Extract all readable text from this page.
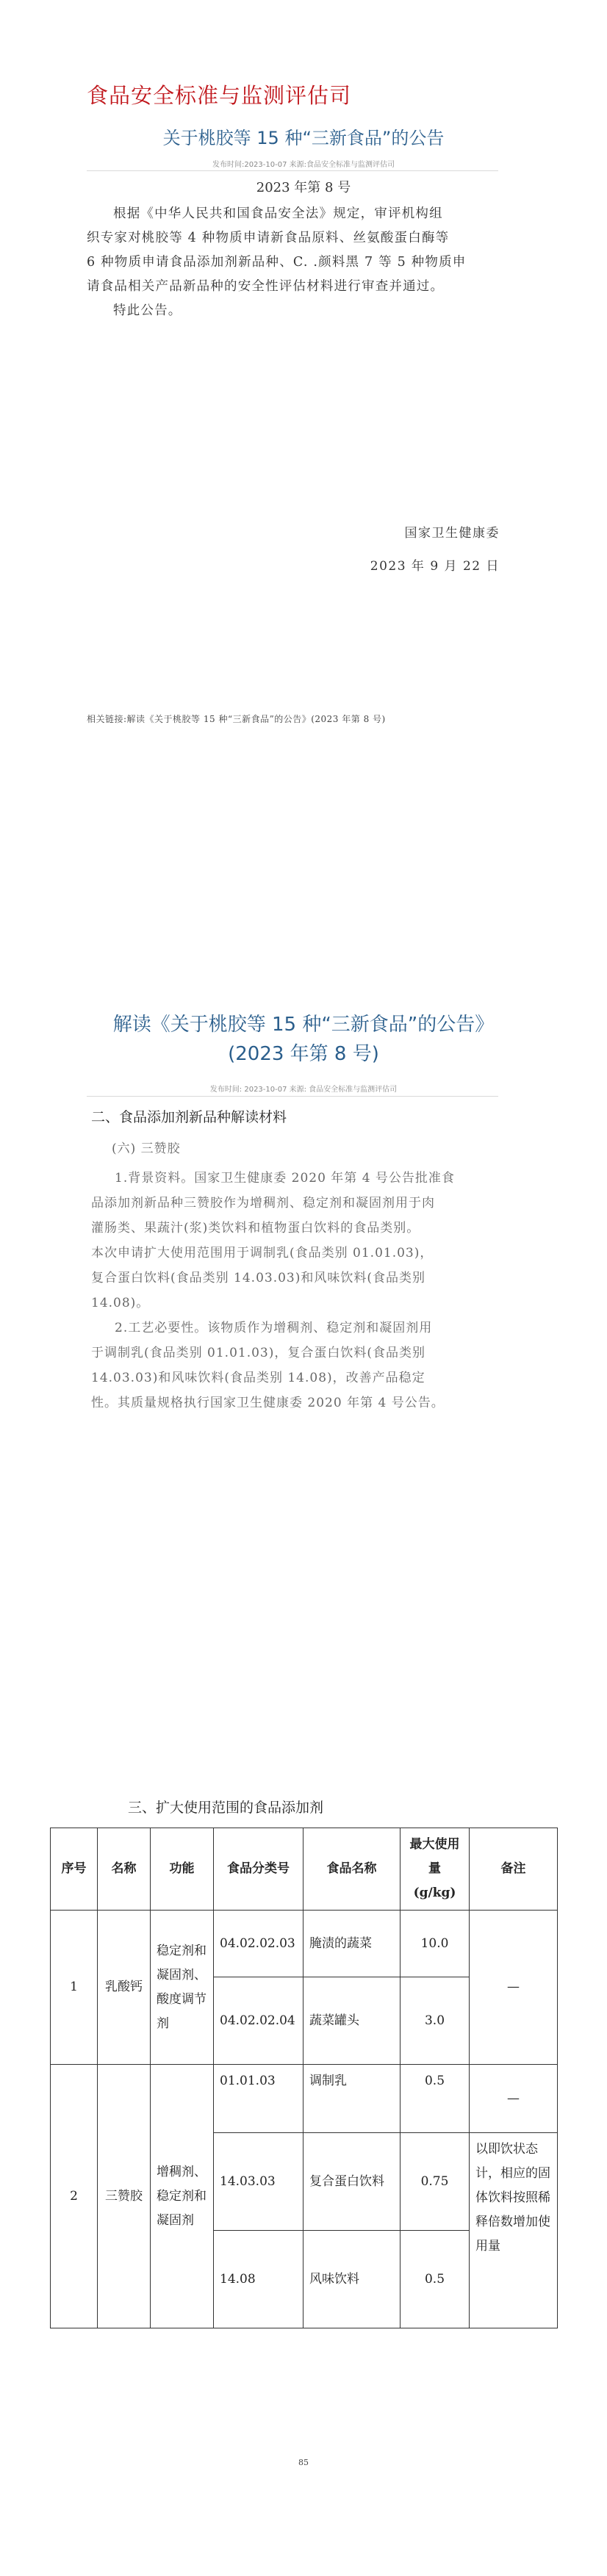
食品安全标准与监测评估司
关于桃胶等 15 种“三新食品”的公告
发布时间:2023-10-07 来源:食品安全标准与监测评估司
2023 年第 8 号
根据《中华人民共和国食品安全法》规定，审评机构组
织专家对桃胶等 4 种物质申请新食品原料、丝氨酸蛋白酶等
6 种物质申请食品添加剂新品种、C. .颜料黑 7 等 5 种物质申
请食品相关产品新品种的安全性评估材料进行审查并通过。
特此公告。
国家卫生健康委
2023 年 9 月 22 日
相关链接:解读《关于桃胶等 15 种“三新食品”的公告》(2023 年第 8 号)
解读《关于桃胶等 15 种“三新食品”的公告》
(2023 年第 8 号)
发布时间: 2023-10-07 来源: 食品安全标准与监测评估司
二、食品添加剂新品种解读材料
(六) 三赞胶
1.背景资料。国家卫生健康委 2020 年第 4 号公告批准食
品添加剂新品种三赞胶作为增稠剂、稳定剂和凝固剂用于肉
灌肠类、果蔬汁(浆)类饮料和植物蛋白饮料的食品类别。
本次申请扩大使用范围用于调制乳(食品类别 01.01.03)，
复合蛋白饮料(食品类别 14.03.03)和风味饮料(食品类别
14.08)。
2.工艺必要性。该物质作为增稠剂、稳定剂和凝固剂用
于调制乳(食品类别 01.01.03)，复合蛋白饮料(食品类别
14.03.03)和风味饮料(食品类别 14.08)，改善产品稳定
性。其质量规格执行国家卫生健康委 2020 年第 4 号公告。
三、扩大使用范围的食品添加剂
序号	名称	功能	食品分类号	食品名称	最大使用量 (g/kg)	备注
1	乳酸钙	稳定剂和凝固剂、酸度调节剂	04.02.02.03	腌渍的蔬菜	10.0	—
			04.02.02.04	蔬菜罐头	3.0	
2	三赞胶	增稠剂、稳定剂和凝固剂	01.01.03	调制乳	0.5	—
			14.03.03	复合蛋白饮料	0.75	以即饮状态计，相应的固体饮料按照稀释倍数增加使用量
			14.08	风味饮料	0.5	
85
